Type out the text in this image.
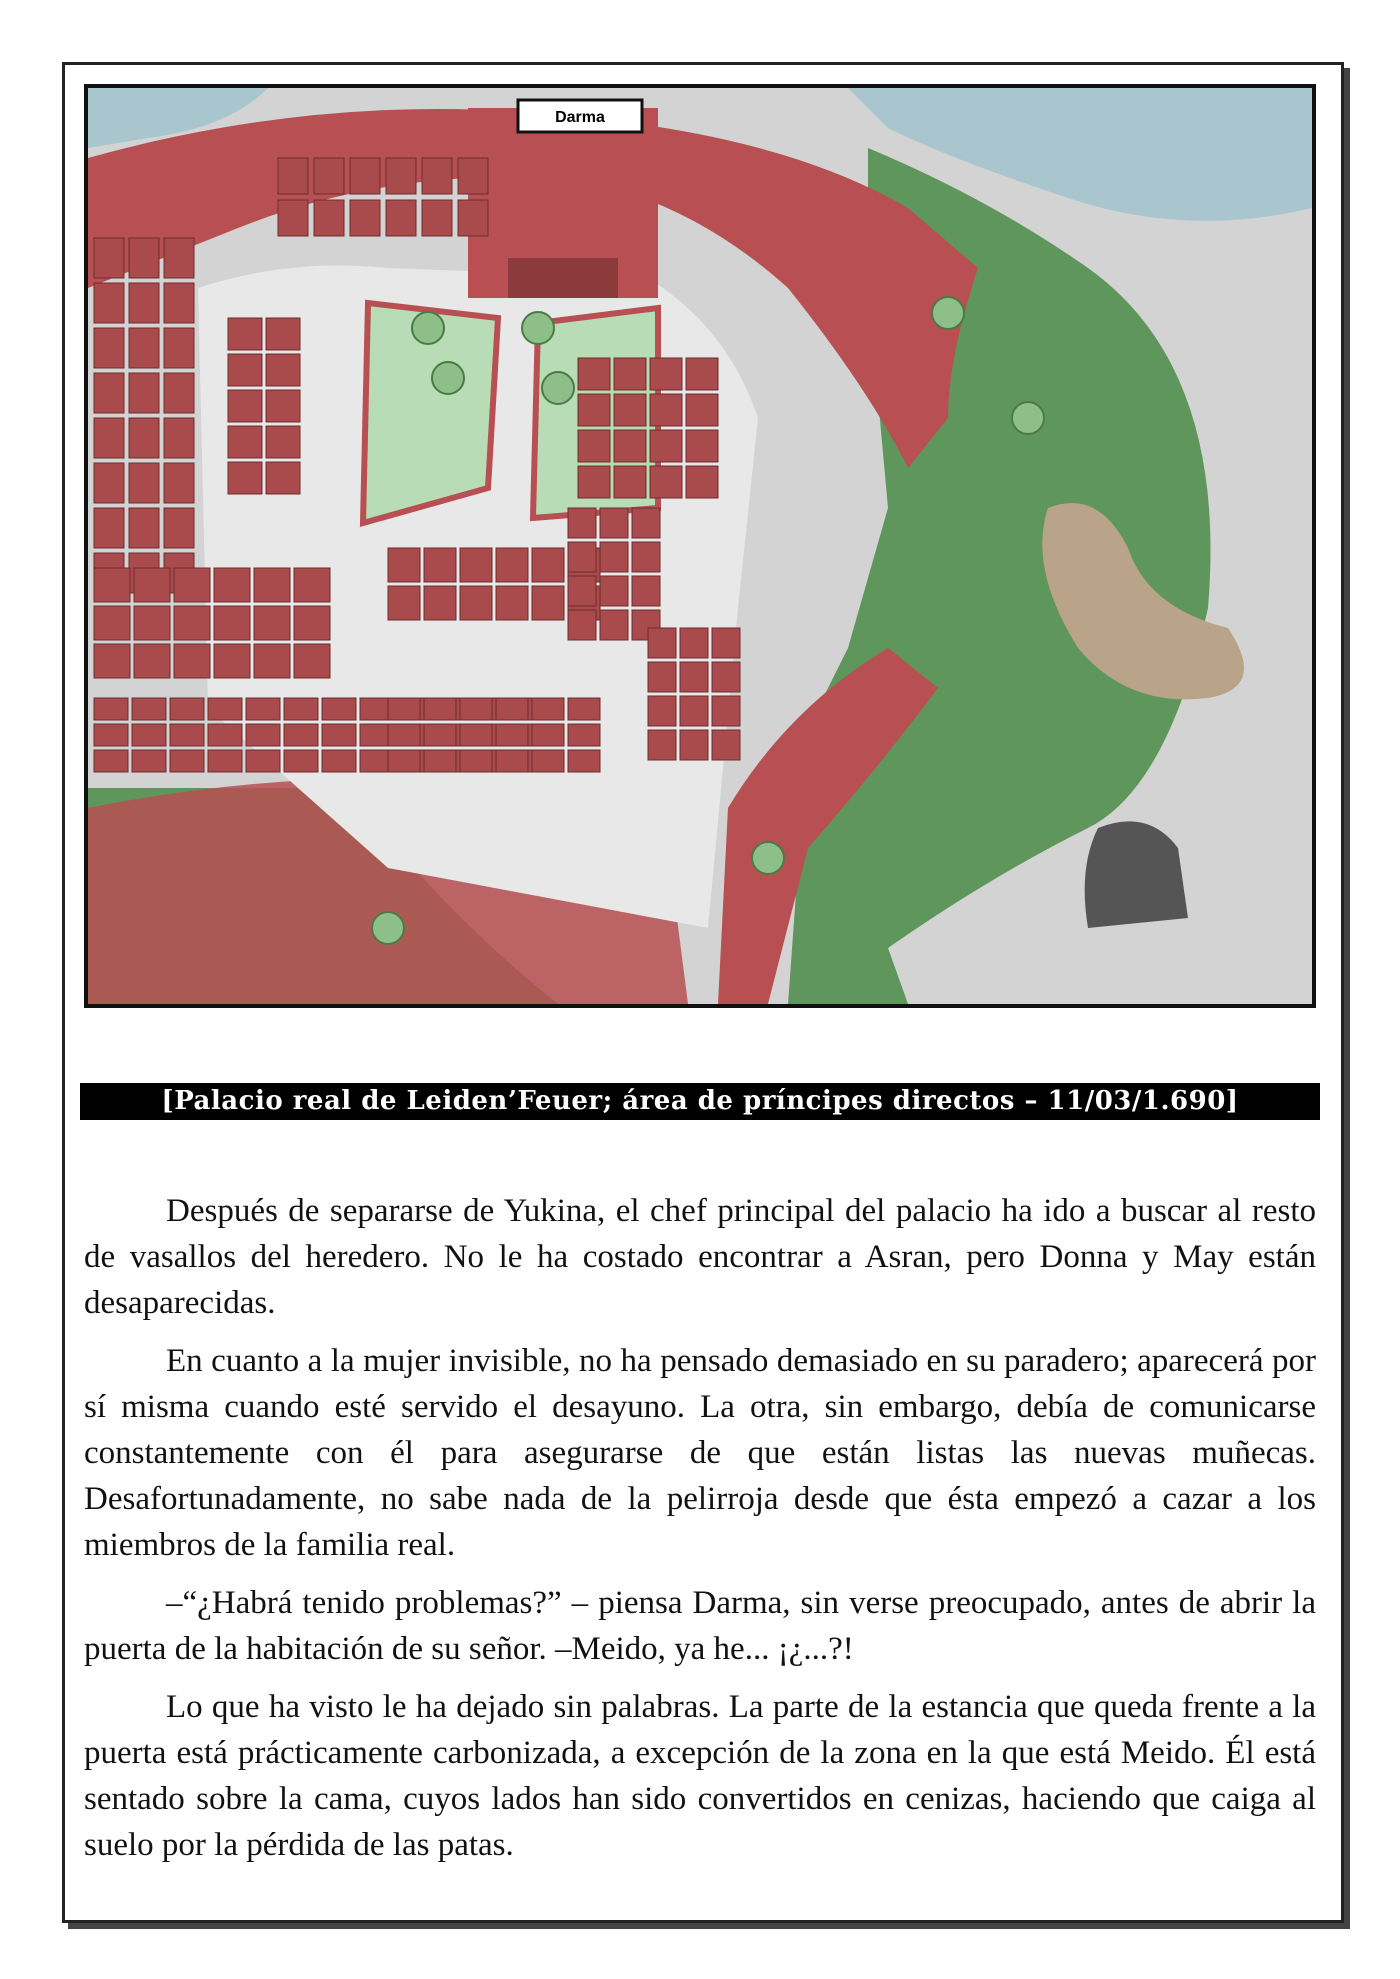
Darma
[Palacio real de Leiden’Feuer; área de príncipes directos – 11/03/1.690]

Después de separarse de Yukina, el chef principal del palacio ha ido a buscar al resto de vasallos del heredero. No le ha costado encontrar a Asran, pero Donna y May están desaparecidas.

En cuanto a la mujer invisible, no ha pensado demasiado en su paradero; aparecerá por sí misma cuando esté servido el desayuno. La otra, sin embargo, debía de comunicarse constantemente con él para asegurarse de que están listas las nuevas muñecas. Desafortunadamente, no sabe nada de la pelirroja desde que ésta empezó a cazar a los miembros de la familia real.

–“¿Habrá tenido problemas?” – piensa Darma, sin verse preocupado, antes de abrir la puerta de la habitación de su señor. –Meido, ya he... ¡¿...?!

Lo que ha visto le ha dejado sin palabras. La parte de la estancia que queda frente a la puerta está prácticamente carbonizada, a excepción de la zona en la que está Meido. Él está sentado sobre la cama, cuyos lados han sido convertidos en cenizas, haciendo que caiga al suelo por la pérdida de las patas.
